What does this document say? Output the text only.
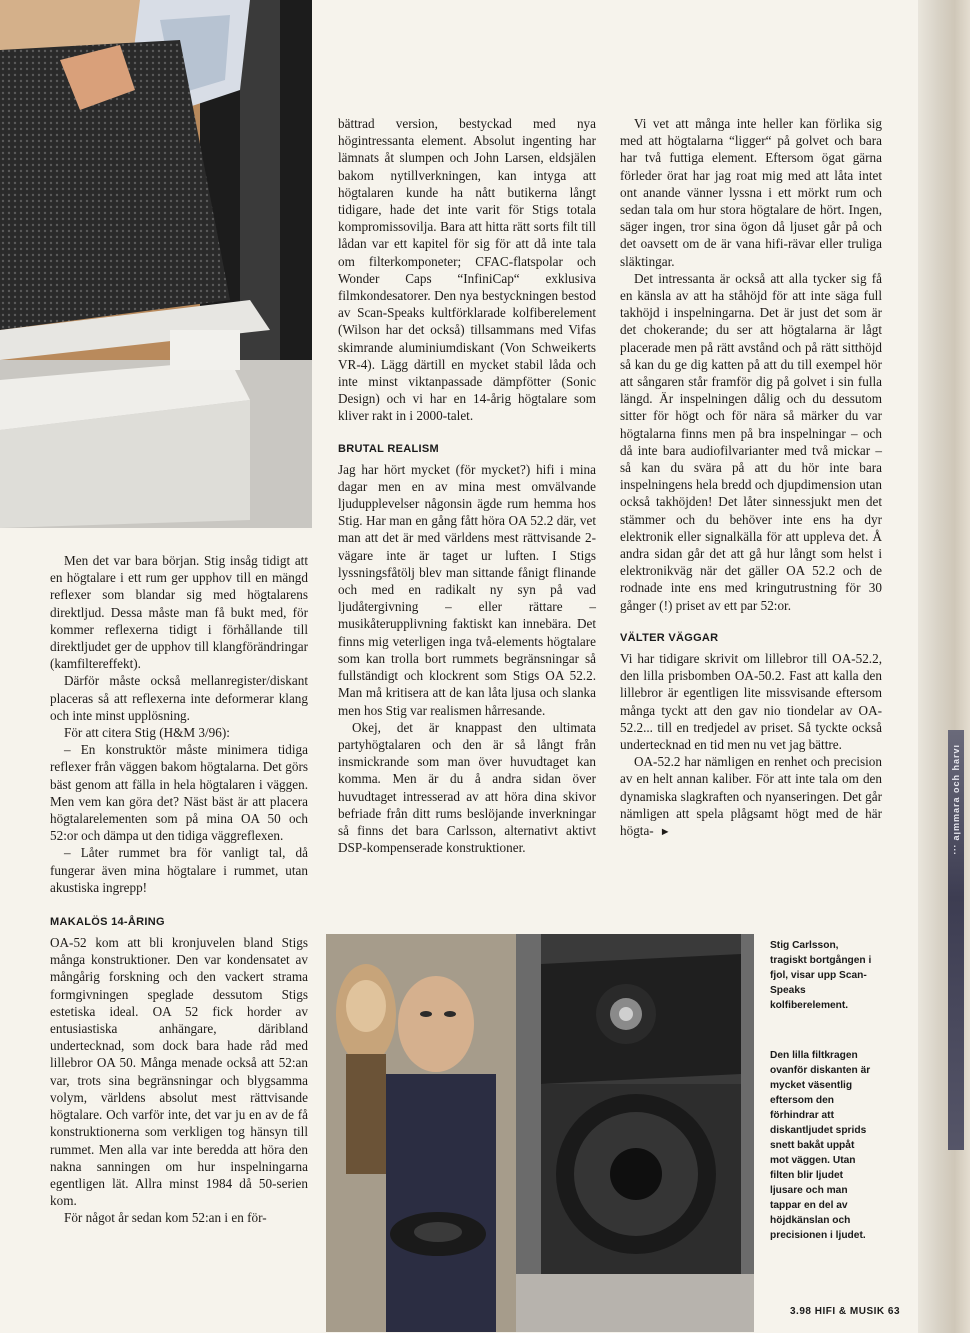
Men det var bara början. Stig insåg tidigt att en högtalare i ett rum ger upphov till en mängd reflexer som blandar sig med högtalarens direktljud. Dessa måste man få bukt med, för kommer reflexerna tidigt i förhållande till direktljudet ger de upphov till klangförändringar (kamfiltereffekt).

Därför måste också mellanregister/diskant placeras så att reflexerna inte deformerar klang och inte minst upplösning.

För att citera Stig (H&M 3/96):

– En konstruktör måste minimera tidiga reflexer från väggen bakom högtalarna. Det görs bäst genom att fälla in hela högtalaren i väggen. Men vem kan göra det? Näst bäst är att placera högtalarelementen som på mina OA 50 och 52:or och dämpa ut den tidiga väggreflexen.

– Låter rummet bra för vanligt tal, då fungerar även mina högtalare i rummet, utan akustiska ingrepp!

MAKALÖS 14-ÅRING

OA-52 kom att bli kronjuvelen bland Stigs många konstruktioner. Den var kondensatet av mångårig forskning och den vackert strama formgivningen speglade dessutom Stigs estetiska ideal. OA 52 fick horder av entusiastiska anhängare, däribland undertecknad, som dock bara hade råd med lillebror OA 50. Många menade också att 52:an var, trots sina begränsningar och blygsamma volym, världens absolut mest rättvisande högtalare. Och varför inte, det var ju en av de få konstruktionerna som verkligen tog hänsyn till rummet. Men alla var inte beredda att höra den nakna sanningen om hur inspelningarna egentligen lät. Allra minst 1984 då 50-serien kom.

För något år sedan kom 52:an i en för-

bättrad version, bestyckad med nya högintressanta element. Absolut ingenting har lämnats åt slumpen och John Larsen, eldsjälen bakom nytillverkningen, kan intyga att högtalaren kunde ha nått butikerna långt tidigare, hade det inte varit för Stigs totala kompromissovilja. Bara att hitta rätt sorts filt till lådan var ett kapitel för sig för att då inte tala om filterkomponeter; CFAC-flatspolar och Wonder Caps “InfiniCap“ exklusiva filmkondesatorer. Den nya bestyckningen bestod av Scan-Speaks kultförklarade kolfiberelement (Wilson har det också) tillsammans med Vifas skimrande aluminiumdiskant (Von Schweikerts VR-4). Lägg därtill en mycket stabil låda och inte minst viktanpassade dämpfötter (Sonic Design) och vi har en 14-årig högtalare som kliver rakt in i 2000-talet.

BRUTAL REALISM

Jag har hört mycket (för mycket?) hifi i mina dagar men en av mina mest omvälvande ljudupplevelser någonsin ägde rum hemma hos Stig. Har man en gång fått höra OA 52.2 där, vet man att det är med världens mest rättvisande 2-vägare inte är taget ur luften. I Stigs lyssningsfåtölj blev man sittande fånigt flinande och med en radikalt ny syn på vad ljudåtergivning – eller rättare – musikåterupplivning faktiskt kan innebära. Det finns mig veterligen inga två-elements högtalare som kan trolla bort rummets begränsningar så fullständigt och klockrent som Stigs OA 52.2. Man må kritisera att de kan låta ljusa och slanka men hos Stig var realismen hårresande.

Okej, det är knappast den ultimata partyhögtalaren och den är så långt från insmickrande som man över huvudtaget kan komma. Men är du å andra sidan över huvudtaget intresserad av att höra dina skivor befriade från ditt rums beslöjande inverkningar så finns det bara Carlsson, alternativt aktivt DSP-kompenserade konstruktioner.

Vi vet att många inte heller kan förlika sig med att högtalarna “ligger“ på golvet och bara har två futtiga element. Eftersom ögat gärna förleder örat har jag roat mig med att låta intet ont anande vänner lyssna i ett mörkt rum och sedan tala om hur stora högtalare de hört. Ingen, säger ingen, tror sina ögon då ljuset går på och det oavsett om de är vana hifi-rävar eller truliga släktingar.

Det intressanta är också att alla tycker sig få en känsla av att ha ståhöjd för att inte säga full takhöjd i inspelningarna. Det är just det som är det chokerande; du ser att högtalarna är lågt placerade men på rätt avstånd och på rätt sitthöjd så kan du ge dig katten på att du till exempel hör att sångaren står framför dig på golvet i sin fulla längd. Är inspelningen dålig och du dessutom sitter för högt och för nära så märker du var högtalarna finns men på bra inspelningar – och då inte bara audiofilvarianter med två mickar – så kan du svära på att du hör inte bara inspelningens hela bredd och djupdimension utan också takhöjden! Det låter sinnessjukt men det stämmer och du behöver inte ens ha dyr elektronik eller signalkälla för att uppleva det. Å andra sidan går det att gå hur långt som helst i elektronikväg när det gäller OA 52.2 och de rodnade inte ens med kringutrustning för 30 gånger (!) priset av ett par 52:or.

VÄLTER VÄGGAR

Vi har tidigare skrivit om lillebror till OA-52.2, den lilla prisbomben OA-50.2. Fast att kalla den lillebror är egentligen lite missvisande eftersom många tyckt att den gav nio tiondelar av OA-52.2... till en tredjedel av priset. Så tyckte också undertecknad en tid men nu vet jag bättre.

OA-52.2 har nämligen en renhet och precision av en helt annan kaliber. För att inte tala om den dynamiska slagkraften och nyanseringen. Det går nämligen att spela plågsamt högt med de här högta- ►

Stig Carlsson, tragiskt bortgången i fjol, visar upp Scan-Speaks kolfiberelement.

Den lilla filtkragen ovanför diskanten är mycket väsentlig eftersom den förhindrar att diskantljudet sprids snett bakåt uppåt mot väggen. Utan filten blir ljudet ljusare och man tappar en del av höjdkänslan och precisionen i ljudet.

3.98 HIFI & MUSIK 63
ıʌɹɐɥ ɥɔo ɐɹɐɯɯlɐ ...
